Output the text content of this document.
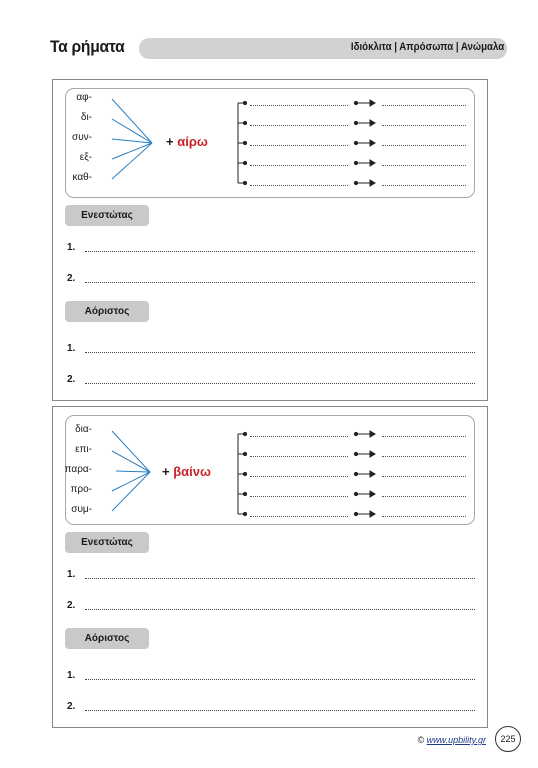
Τα ρήματα	Ιδιόκλιτα | Απρόσωπα | Ανώμαλα
αφ-
δι-
συν-
εξ-
καθ-
+ αίρω
Ενεστώτας
1.
2.
Αόριστος
1.
2.
δια-
επι-
παρα-
προ-
συμ-
+ βαίνω
Ενεστώτας
1.
2.
Αόριστος
1.
2.
© www.upbility.gr	225
